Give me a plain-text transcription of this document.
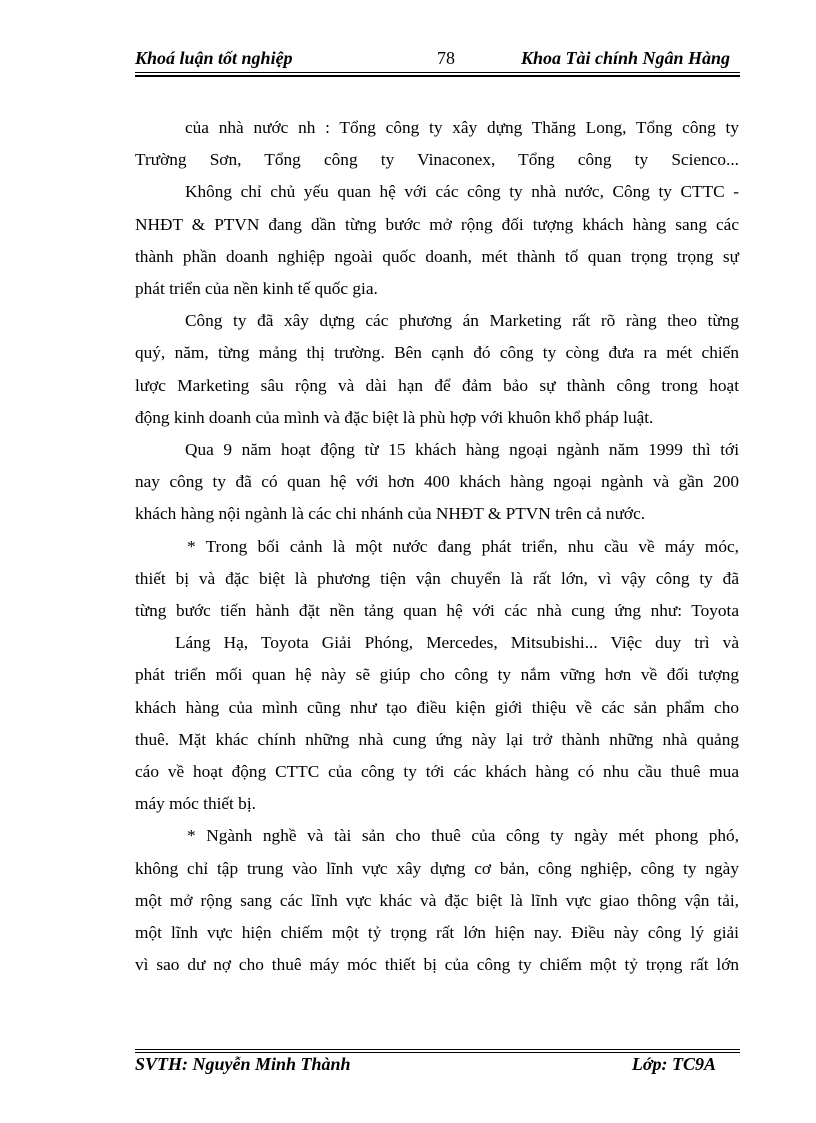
Khoá luận tốt nghiệp	78	Khoa Tài chính Ngân Hàng

của nhà nước nh : Tổng công ty xây dựng Thăng Long, Tổng công ty
Trường Sơn, Tổng công ty Vinaconex, Tổng công ty Scienco...

Không chỉ chủ yếu quan hệ với các công ty nhà nước, Công ty CTTC -
NHĐT & PTVN đang dần từng bước mở rộng đối tượng khách hàng sang các
thành phần doanh nghiệp ngoài quốc doanh, mét thành tố quan trọng trọng sự
phát triển của nền kinh tế quốc gia.

Công ty đã xây dựng các phương án Marketing rất rõ ràng theo từng
quý, năm, từng mảng thị trường. Bên cạnh đó công ty còng đưa ra mét chiến
lược Marketing sâu rộng và dài hạn để đảm bảo sự thành công trong hoạt
động kinh doanh của mình và đặc biệt là phù hợp với khuôn khổ pháp luật.

Qua 9 năm hoạt động từ 15 khách hàng ngoại ngành năm 1999 thì tới
nay công ty đã có quan hệ với hơn 400 khách hàng ngoại ngành và gần 200
khách hàng nội ngành là các chi nhánh của NHĐT & PTVN trên cả nước.

* Trong bối cảnh là một nước đang phát triển, nhu cầu về máy móc,
thiết bị và đặc biệt là phương tiện vận chuyển là rất lớn, vì vậy công ty đã
từng bước tiến hành đặt nền tảng quan hệ với các nhà cung ứng như: Toyota
Láng Hạ, Toyota Giải Phóng, Mercedes, Mitsubishi... Việc duy trì và
phát triển mối quan hệ này sẽ giúp cho công ty nắm vững hơn về đối tượng
khách hàng của mình cũng như tạo điều kiện giới thiệu về các sản phẩm cho
thuê. Mặt khác chính những nhà cung ứng này lại trở thành những nhà quảng
cáo về hoạt động CTTC của công ty tới các khách hàng có nhu cầu thuê mua
máy móc thiết bị.

* Ngành nghề và tài sản cho thuê của công ty ngày mét phong phó,
không chỉ tập trung vào lĩnh vực xây dựng cơ bản, công nghiệp, công ty ngày
một mở rộng sang các lĩnh vực khác và đặc biệt là lĩnh vực giao thông vận tải,
một lĩnh vực hiện chiếm một tỷ trọng rất lớn hiện nay. Điều này công lý giải
vì sao dư nợ cho thuê máy móc thiết bị của công ty chiếm một tỷ trọng rất lớn

SVTH: Nguyễn Minh Thành	Lớp: TC9A
